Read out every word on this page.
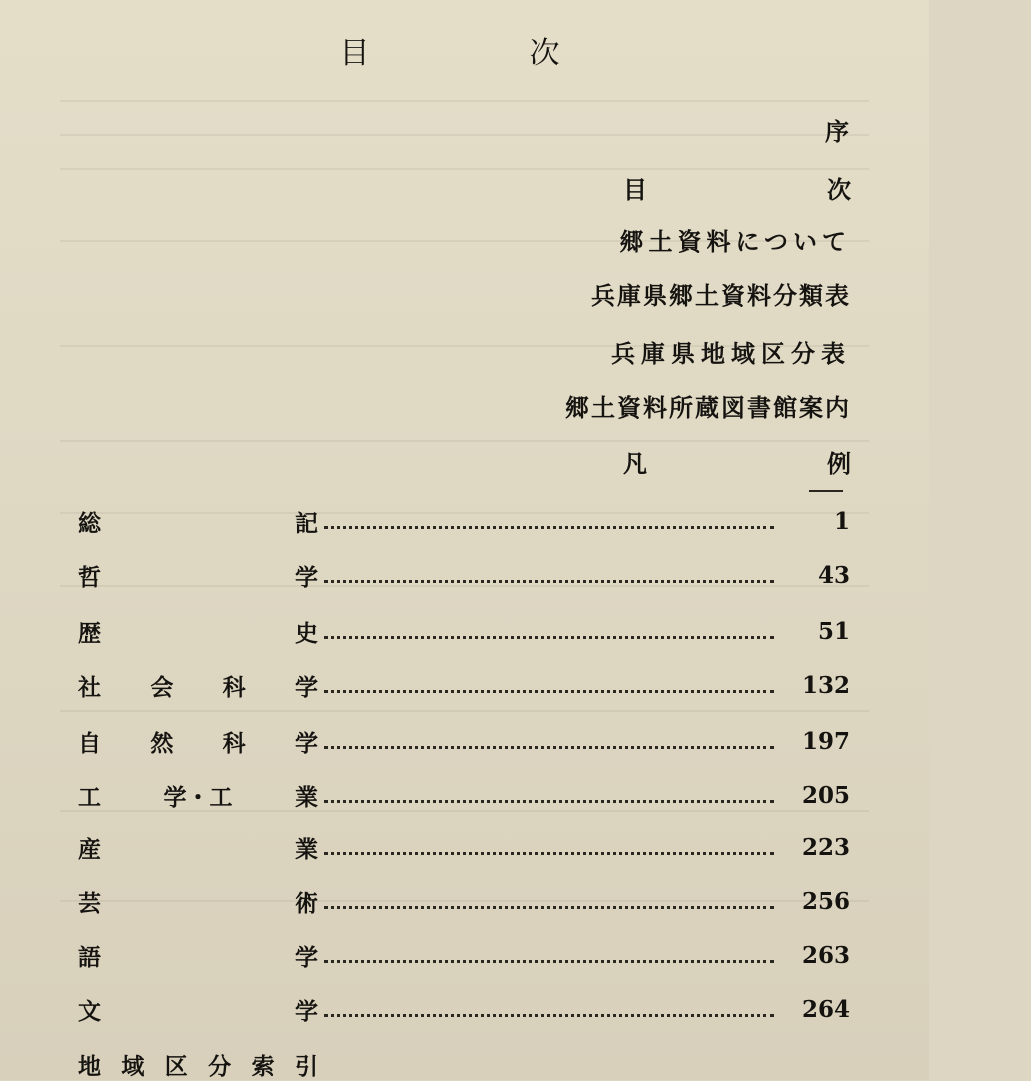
目次
序
目次
郷土資料について
兵庫県郷土資料分類表
兵庫県地域区分表
郷土資料所蔵図書館案内
凡例
総	記	1
哲	学	43
歴	史	51
社 会 科 学	132
自 然 科 学	197
工	学・工	業	205
産	業	223
芸	術	256
語	学	263
文	学	264
地 域 区 分 索 引
